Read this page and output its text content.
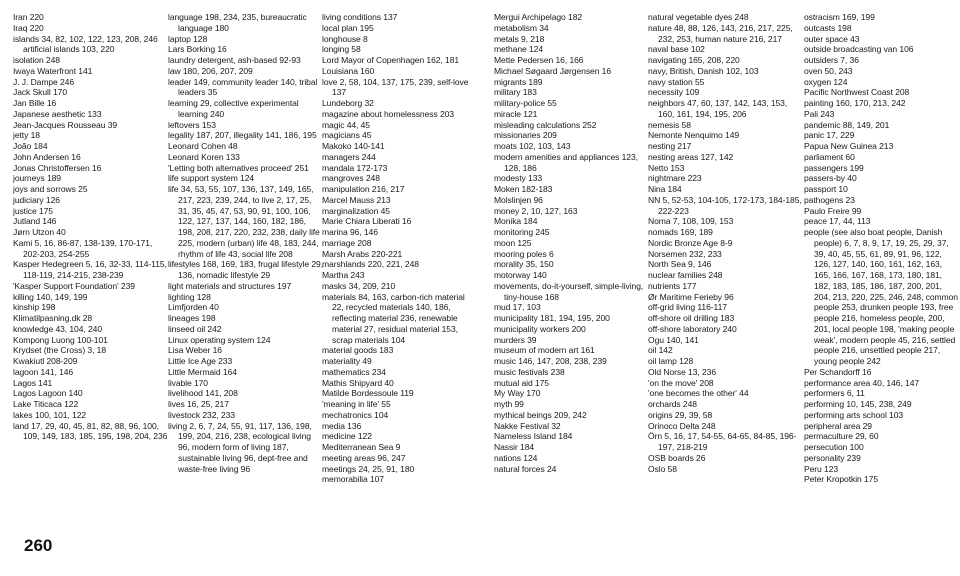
Iran 220

Iraq 220

islands 34, 82, 102, 122, 123, 208, 246 artificial islands 103, 220

isolation 248

Iwaya Waterfront 141

J. J. Dampe 246

Jack Skull 170

Jan Bille 16

Japanese aesthetic 133

Jean-Jacques Rousseau 39

jetty 18

João 184

John Andersen 16

Jonas Christoffersen 16

journeys 189

joys and sorrows 25

judiciary 126

justice 175

Jutland 146

Jørn Utzon 40

Kami 5, 16, 86-87, 138-139, 170-171, 202-203, 254-255

Kasper Hedegreen 5, 16, 32-33, 114-115, 118-119, 214-215, 238-239

'Kasper Support Foundation' 239

killing 140, 149, 199

kinship 198

Klimatilpasning.dk 28

knowledge 43, 104, 240

Kompong Luong 100-101

Krydset (the Cross) 3, 18

Kwakiutl 208-209

lagoon 141, 146

Lagos 141

Lagos Lagoon 140

Lake Titicaca 122

lakes 100, 101, 122

land 17, 29, 40, 45, 81, 82, 88, 96, 100, 109, 149, 183, 185, 195, 198, 204, 236

language 198, 234, 235, bureaucratic language 180

laptop 128

Lars Borking 16

laundry detergent, ash-based 92-93

law 180, 206, 207, 209

leader 149, community leader 140, tribal leaders 35

learning 29, collective experimental learning 240

leftovers 153

legality 187, 207, illegality 141, 186, 195

Leonard Cohen 48

Leonard Koren 133

'Letting both alternatives proceed' 251

life support system 124

life 34, 53, 55, 107, 136, 137, 149, 165, 217, 223, 239, 244, to live 2, 17, 25, 31, 35, 45, 47, 53, 90, 91, 100, 106, 122, 127, 137, 144, 160, 182, 186, 198, 208, 217, 220, 232, 238, daily life 225, modern (urban) life 48, 183, 244, rhythm of life 43, social life 208

lifestyles 168, 169, 183, frugal lifestyle 29, 136, nomadic lifestyle 29

light materials and structures 197

lighting 128

Limfjorden 40

lineages 198

linseed oil 242

Linux operating system 124

Lisa Weber 16

Little Ice Age 233

Little Mermaid 164

livable 170

livelihood 141, 208

lives 16, 25, 217

livestock 232, 233

living 2, 6, 7, 24, 55, 91, 117, 136, 198, 199, 204, 216, 238, ecological living 96, modern form of living 187, sustainable living 96, dept-free and waste-free living 96

living conditions 137

local plan 195

longhouse 8

longing 58

Lord Mayor of Copenhagen 162, 181

Louisiana 160

love 2, 58, 104, 137, 175, 239, self-love 137

Lundeborg 32

magazine about homelessness 203

magic 44, 45

magicians 45

Makoko 140-141

managers 244

mandala 172-173

mangroves 248

manipulation 216, 217

Marcel Mauss 213

marginalization 45

Marie Chiara Liberati 16

marina 96, 146

marriage 208

Marsh Arabs 220-221

marshlands 220, 221, 248

Martha 243

masks 34, 209, 210

materials 84, 163, carbon-rich material 22, recycled materials 140, 186, reflecting material 236, renewable material 27, residual material 153, scrap materials 104

material goods 183

materiality 49

mathematics 234

Mathis Shipyard 40

Matilde Bordessoule 119

'meaning in life' 55

mechatronics 104

media 136

medicine 122

Mediterranean Sea 9

meeting areas 96, 247

meetings 24, 25, 91, 180

memorabilia 107

Mergui Archipelago 182

metabolism 34

metals 9, 218

methane 124

Mette Pedersen 16, 166

Michael Søgaard Jørgensen 16

migrants 189

military 183

military-police 55

miracle 121

misleading calculations 252

missionaries 209

moats 102, 103, 143

modern amenities and appliances 123, 128, 186

modesty 133

Moken 182-183

Molslinjen 96

money 2, 10, 127, 163

Monika 184

monitoring 245

moon 125

mooring poles 6

morality 35, 150

motorway 140

movements, do-it-yourself, simple-living, tiny-house 168

mud 17, 103

municipality 181, 194, 195, 200

municipality workers 200

murders 39

museum of modern art 161

music 146, 147, 208, 238, 239

music festivals 238

mutual aid 175

My Way 170

myth 99

mythical beings 209, 242

Nakke Festival 32

Nameless Island 184

Nassir 184

nations 124

natural forces 24

natural vegetable dyes 248

nature 48, 88, 126, 143, 216, 217, 225, 232, 253, human nature 216, 217

naval base 102

navigating 165, 208, 220

navy, British, Danish 102, 103

navy station 55

necessity 109

neighbors 47, 60, 137, 142, 143, 153, 160, 161, 194, 195, 206

nemesis 58

Nemonte Nenquimo 149

nesting 217

nesting areas 127, 142

Netto 153

nightmare 223

Nina 184

NN 5, 52-53, 104-105, 172-173, 184-185, 222-223

Noma 7, 108, 109, 153

nomads 169, 189

Nordic Bronze Age 8-9

Norsemen 232, 233

North Sea 9, 146

nuclear families 248

nutrients 177

Ør Maritime Ferieby 96

off-grid living 116-117

off-shore oil drilling 183

off-shore laboratory 240

Ogu 140, 141

oil 142

oil lamp 128

Old Norse 13, 236

'on the move' 208

'one becomes the other' 44

orchards 248

origins 29, 39, 58

Orinoco Delta 248

Örn 5, 16, 17, 54-55, 64-65, 84-85, 196-197, 218-219

OSB boards 26

Oslo 58

ostracism 169, 199

outcasts 198

outer space 43

outside broadcasting van 106

outsiders 7, 36

oven 50, 243

oxygen 124

Pacific Northwest Coast 208

painting 160, 170, 213, 242

Pali 243

pandemic 88, 149, 201

panic 17, 229

Papua New Guinea 213

parliament 60

passengers 199

passers-by 40

passport 10

pathogens 23

Paulo Freire 99

peace 17, 44, 113

people (see also boat people, Danish people) 6, 7, 8, 9, 17, 19, 25, 29, 37, 39, 40, 45, 55, 61, 89, 91, 96, 122, 126, 127, 140, 160, 161, 162, 163, 165, 166, 167, 168, 173, 180, 181, 182, 183, 185, 186, 187, 200, 201, 204, 213, 220, 225, 246, 248, common people 253, drunken people 193, free people 216, homeless people, 200, 201, local people 198, 'making people weak', modern people 45, 216, settled people 216, unsettled people 217, young people 242

Per Schandorff 16

performance area 40, 146, 147

performers 6, 11

performing 10, 145, 238, 249

performing arts school 103

peripheral area 29

permaculture 29, 60

persecution 100

personality 239

Peru 123

Peter Kropotkin 175

260
